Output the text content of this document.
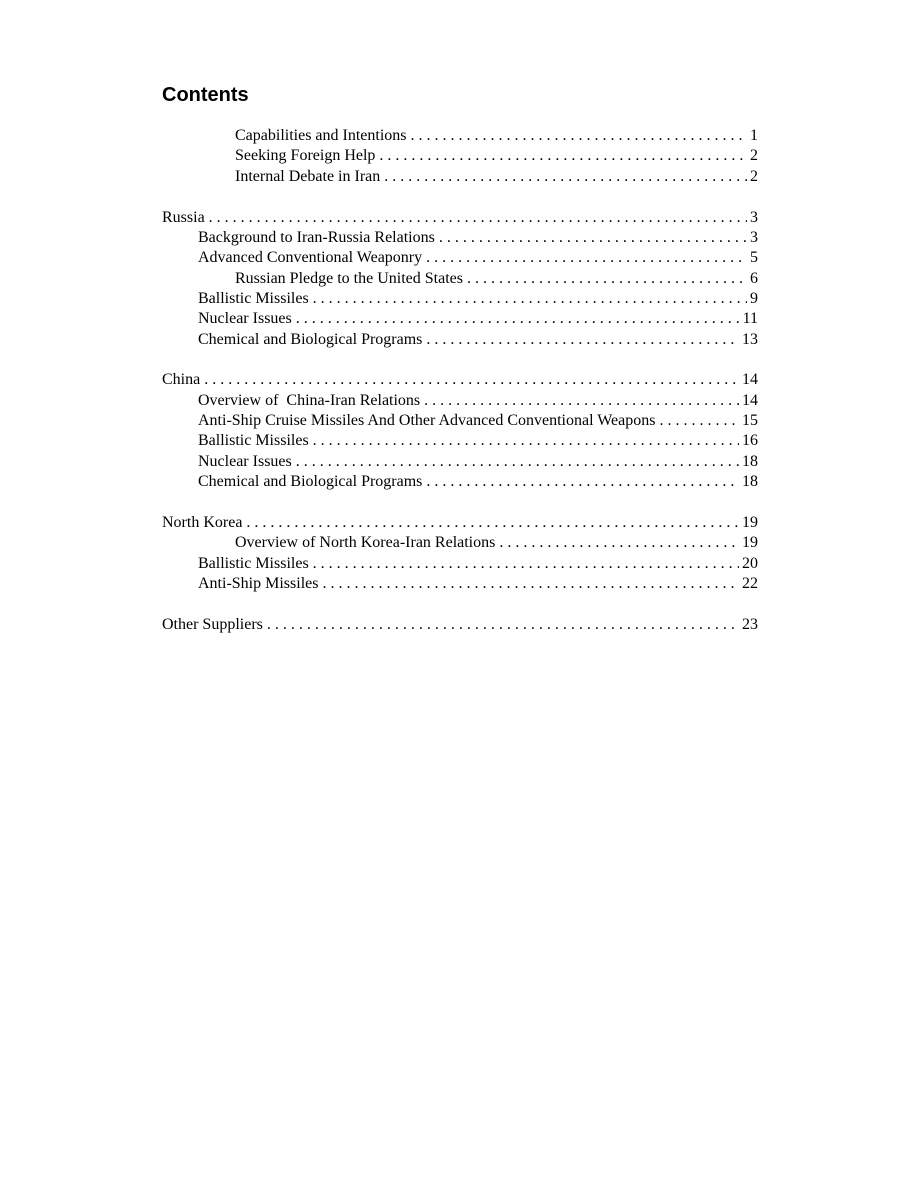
Contents
Capabilities and Intentions . . .	1
Seeking Foreign Help . . .	2
Internal Debate in Iran . . .	2
Russia . . .	3
Background to Iran-Russia Relations . . .	3
Advanced Conventional Weaponry . . .	5
Russian Pledge to the United States . . .	6
Ballistic Missiles . . .	9
Nuclear Issues . . .	11
Chemical and Biological Programs . . .	13
China . . .	14
Overview of  China-Iran Relations . . .	14
Anti-Ship Cruise Missiles And Other Advanced Conventional Weapons . . .	15
Ballistic Missiles . . .	16
Nuclear Issues . . .	18
Chemical and Biological Programs . . .	18
North Korea . . .	19
Overview of North Korea-Iran Relations . . .	19
Ballistic Missiles . . .	20
Anti-Ship Missiles . . .	22
Other Suppliers . . .	23
